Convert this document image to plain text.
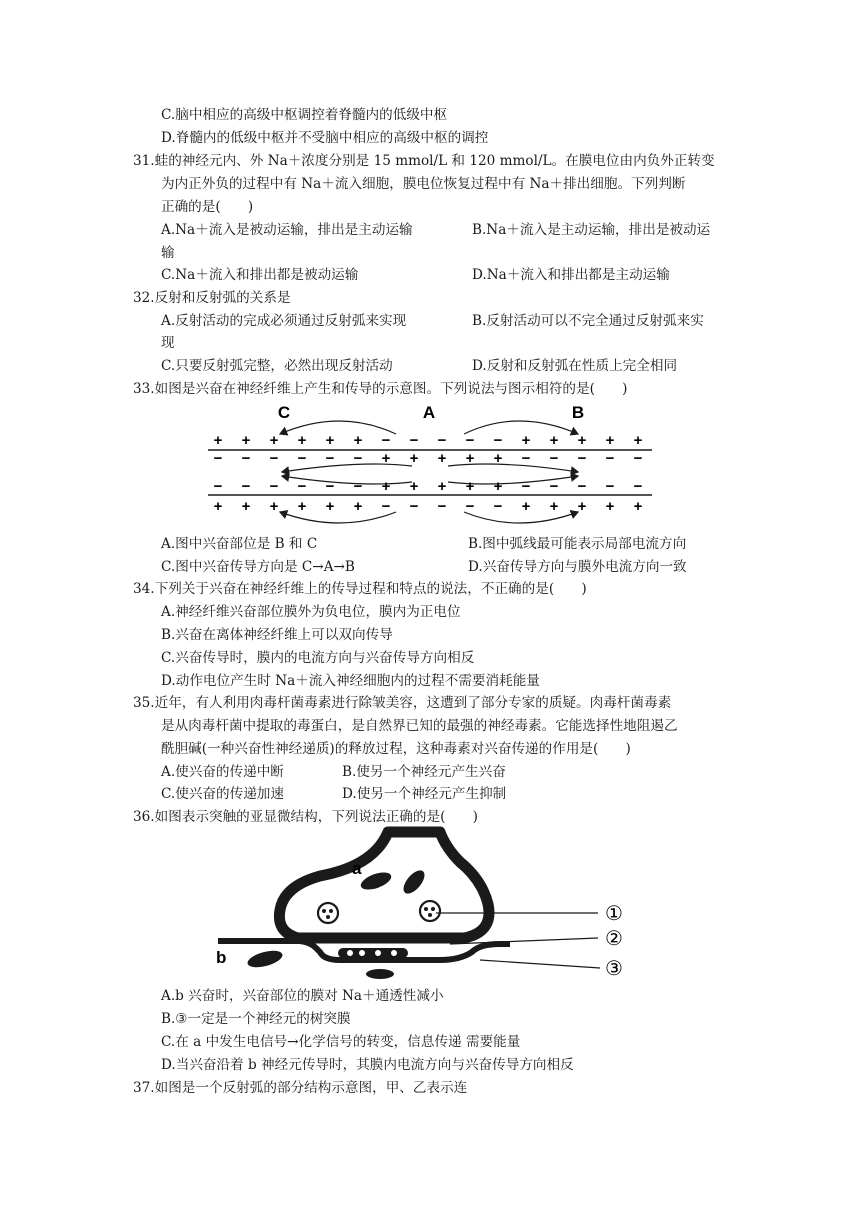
C.脑中相应的高级中枢调控着脊髓内的低级中枢
D.脊髓内的低级中枢并不受脑中相应的高级中枢的调控
31.蛙的神经元内、外 Na＋浓度分别是 15 mmol/L 和 120 mmol/L。在膜电位由内负外正转变
为内正外负的过程中有 Na＋流入细胞，膜电位恢复过程中有 Na＋排出细胞。下列判断
正确的是(　　)
A.Na＋流入是被动运输，排出是主动运输	B.Na＋流入是主动运输，排出是被动运
输
C.Na＋流入和排出都是被动运输	D.Na＋流入和排出都是主动运输
32.反射和反射弧的关系是
A.反射活动的完成必须通过反射弧来实现	B.反射活动可以不完全通过反射弧来实
现
C.只要反射弧完整，必然出现反射活动	D.反射和反射弧在性质上完全相同
33.如图是兴奋在神经纤维上产生和传导的示意图。下列说法与图示相符的是(　　)
C	A	B
+ + + + + + − − − − − + + + + +
− − − − − − + + + + + − − − − −
− − − − − − + + + + + − − − − −
+ + + + + + − − − − − + + + + +
A.图中兴奋部位是 B 和 C	B.图中弧线最可能表示局部电流方向
C.图中兴奋传导方向是 C→A→B	D.兴奋传导方向与膜外电流方向一致
34.下列关于兴奋在神经纤维上的传导过程和特点的说法，不正确的是(　　)
A.神经纤维兴奋部位膜外为负电位，膜内为正电位
B.兴奋在离体神经纤维上可以双向传导
C.兴奋传导时，膜内的电流方向与兴奋传导方向相反
D.动作电位产生时 Na＋流入神经细胞内的过程不需要消耗能量
35.近年，有人利用肉毒杆菌毒素进行除皱美容，这遭到了部分专家的质疑。肉毒杆菌毒素
是从肉毒杆菌中提取的毒蛋白，是自然界已知的最强的神经毒素。它能选择性地阻遏乙
酰胆碱(一种兴奋性神经递质)的释放过程，这种毒素对兴奋传递的作用是(　　)
A.使兴奋的传递中断	B.使另一个神经元产生兴奋
C.使兴奋的传递加速	D.使另一个神经元产生抑制
36.如图表示突触的亚显微结构，下列说法正确的是(　　)
a
b
①
②
③
A.b 兴奋时，兴奋部位的膜对 Na＋通透性减小
B.③一定是一个神经元的树突膜
C.在 a 中发生电信号→化学信号的转变，信息传递 需要能量
D.当兴奋沿着 b 神经元传导时，其膜内电流方向与兴奋传导方向相反
37.如图是一个反射弧的部分结构示意图，甲、乙表示连
